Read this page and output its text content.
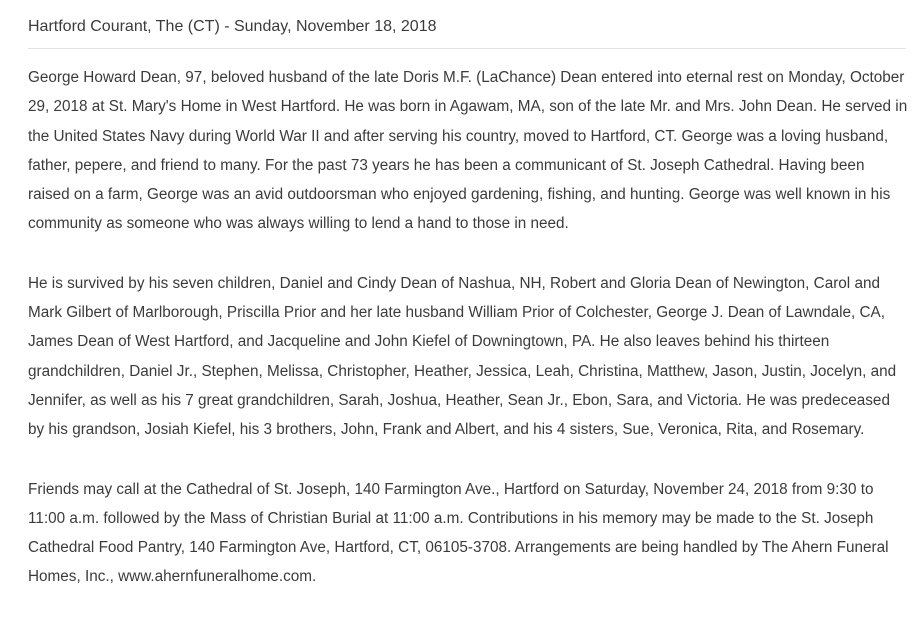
Hartford Courant, The (CT) - Sunday, November 18, 2018

George Howard Dean, 97, beloved husband of the late Doris M.F. (LaChance) Dean entered into eternal rest on Monday, October 29, 2018 at St. Mary's Home in West Hartford. He was born in Agawam, MA, son of the late Mr. and Mrs. John Dean. He served in the United States Navy during World War II and after serving his country, moved to Hartford, CT. George was a loving husband, father, pepere, and friend to many. For the past 73 years he has been a communicant of St. Joseph Cathedral. Having been raised on a farm, George was an avid outdoorsman who enjoyed gardening, fishing, and hunting. George was well known in his community as someone who was always willing to lend a hand to those in need.

He is survived by his seven children, Daniel and Cindy Dean of Nashua, NH, Robert and Gloria Dean of Newington, Carol and Mark Gilbert of Marlborough, Priscilla Prior and her late husband William Prior of Colchester, George J. Dean of Lawndale, CA, James Dean of West Hartford, and Jacqueline and John Kiefel of Downingtown, PA. He also leaves behind his thirteen grandchildren, Daniel Jr., Stephen, Melissa, Christopher, Heather, Jessica, Leah, Christina, Matthew, Jason, Justin, Jocelyn, and Jennifer, as well as his 7 great grandchildren, Sarah, Joshua, Heather, Sean Jr., Ebon, Sara, and Victoria. He was predeceased by his grandson, Josiah Kiefel, his 3 brothers, John, Frank and Albert, and his 4 sisters, Sue, Veronica, Rita, and Rosemary.

Friends may call at the Cathedral of St. Joseph, 140 Farmington Ave., Hartford on Saturday, November 24, 2018 from 9:30 to 11:00 a.m. followed by the Mass of Christian Burial at 11:00 a.m. Contributions in his memory may be made to the St. Joseph Cathedral Food Pantry, 140 Farmington Ave, Hartford, CT, 06105-3708. Arrangements are being handled by The Ahern Funeral Homes, Inc., www.ahernfuneralhome.com.
